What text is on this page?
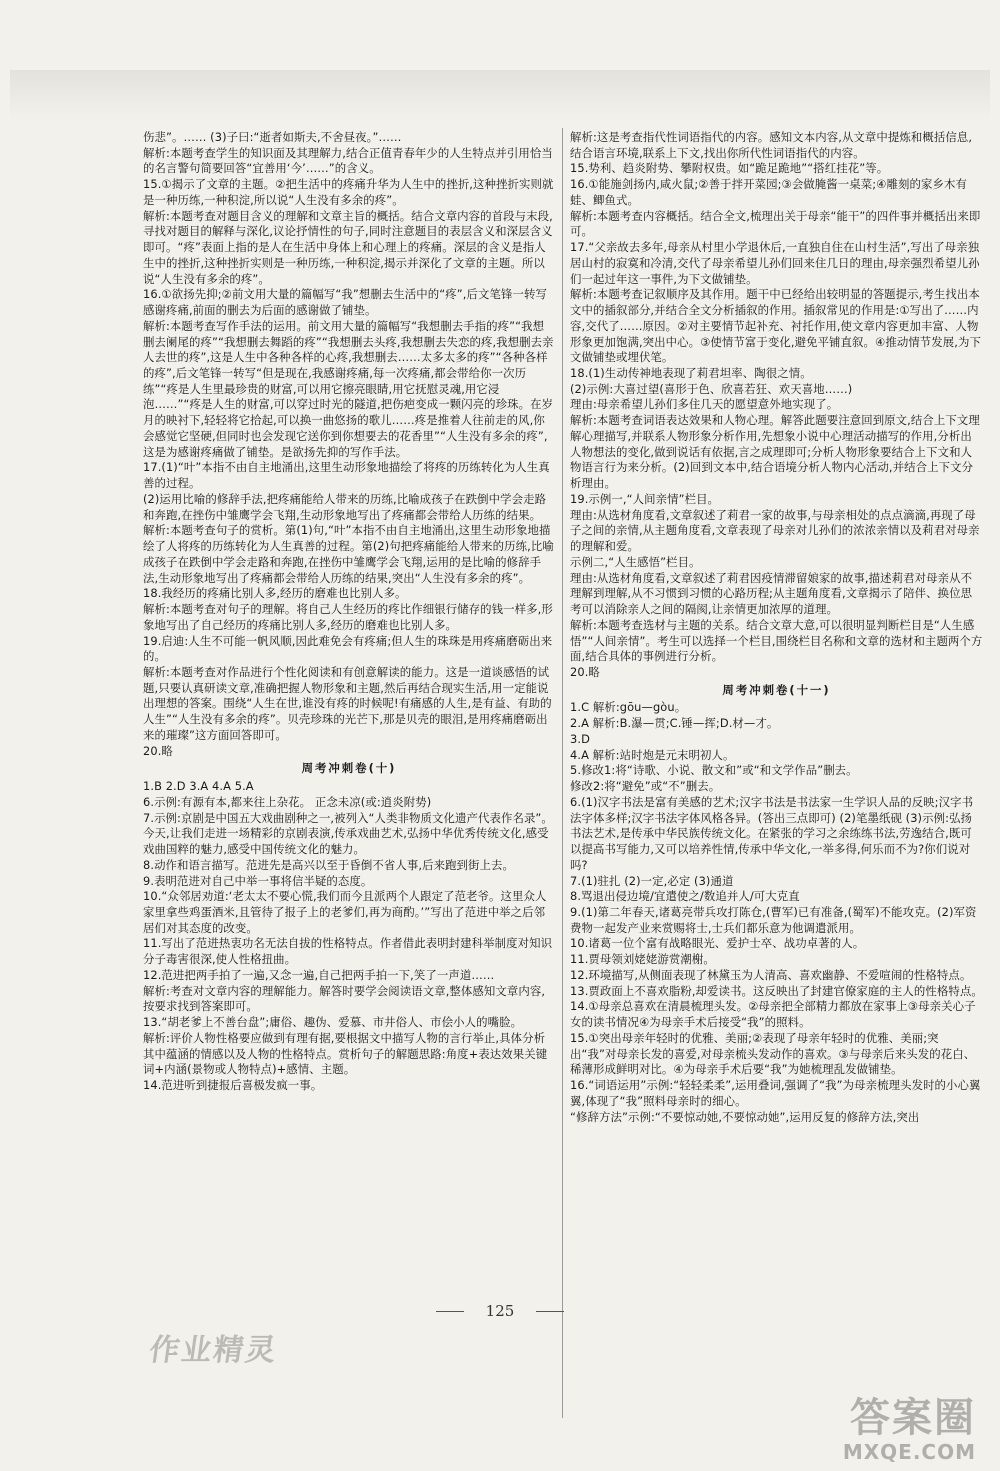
伤悲”。…… (3)子曰:“逝者如斯夫,不舍昼夜。”……
解析:本题考查学生的知识面及其理解力,结合正值青春年少的人生特点并引用恰当的名言警句简要回答“宜善用‘今’……”的含义。
15.①揭示了文章的主题。②把生活中的疼痛升华为人生中的挫折,这种挫折实则就是一种历练,一种积淀,所以说“人生没有多余的疼”。
解析:本题考查对题目含义的理解和文章主旨的概括。结合文章内容的首段与末段,寻找对题目的解释与深化,议论抒情性的句子,同时注意题目的表层含义和深层含义即可。“疼”表面上指的是人在生活中身体上和心理上的疼痛。深层的含义是指人生中的挫折,这种挫折实则是一种历练,一种积淀,揭示并深化了文章的主题。所以说“人生没有多余的疼”。
16.①欲扬先抑;②前文用大量的篇幅写“我”想删去生活中的“疼”,后文笔锋一转写感谢疼痛,前面的删去为后面的感谢做了铺垫。
解析:本题考查写作手法的运用。前文用大量的篇幅写“我想删去手指的疼”“我想删去阑尾的疼”“我想删去舞蹈的疼”“我想删去头疼,我想删去失恋的疼,我想删去亲人去世的疼”,这是人生中各种各样的心疼,我想删去……太多太多的疼”“各种各样的疼”,后文笔锋一转写“但是现在,我感谢疼痛,每一次疼痛,都会带给你一次历练”“疼是人生里最珍贵的财富,可以用它擦亮眼睛,用它抚慰灵魂,用它浸泡……”“疼是人生的财富,可以穿过时光的隧道,把伤疤变成一颗闪亮的珍珠。在岁月的映衬下,轻轻将它拾起,可以换一曲悠扬的歌儿……疼是推着人往前走的风,你会感觉它坚硬,但同时也会发现它送你到你想要去的花香里”“人生没有多余的疼”,这是为感谢疼痛做了铺垫。是欲扬先抑的写作手法。
17.(1)“叶”本指不由自主地涌出,这里生动形象地描绘了将疼的历练转化为人生真善的过程。
(2)运用比喻的修辞手法,把疼痛能给人带来的历练,比喻成孩子在跌倒中学会走路和奔跑,在挫伤中雏鹰学会飞翔,生动形象地写出了疼痛都会带给人历练的结果。
解析:本题考查句子的赏析。第(1)句,“叶”本指不由自主地涌出,这里生动形象地描绘了人将疼的历练转化为人生真善的过程。第(2)句把疼痛能给人带来的历练,比喻成孩子在跌倒中学会走路和奔跑,在挫伤中雏鹰学会飞翔,运用的是比喻的修辞手法,生动形象地写出了疼痛都会带给人历练的结果,突出“人生没有多余的疼”。
18.我经历的疼痛比别人多,经历的磨难也比别人多。
解析:本题考查对句子的理解。将自己人生经历的疼比作细银行储存的钱一样多,形象地写出了自己经历的疼痛比别人多,经历的磨难也比别人多。
19.启迪:人生不可能一帆风顺,因此难免会有疼痛;但人生的珠珠是用疼痛磨砺出来的。
解析:本题考查对作品进行个性化阅读和有创意解读的能力。这是一道谈感悟的试题,只要认真研读文章,准确把握人物形象和主题,然后再结合现实生活,用一定能说出理想的答案。围绕“人生在世,谁没有疼的时候呢!有痛感的人生,是有益、有助的人生”“人生没有多余的疼”。贝壳珍珠的光芒下,那是贝壳的眼泪,是用疼痛磨砺出来的璀璨”这方面回答即可。
20.略
周考冲刺卷(十)
1.B 2.D 3.A 4.A 5.A
6.示例:有源有本,都来往上杂花。 正念未凉(或:逍炎附势)
7.示例:京剧是中国五大戏曲剧种之一,被列入“人类非物质文化遗产代表作名录”。今天,让我们走进一场精彩的京剧表演,传承戏曲艺术,弘扬中华优秀传统文化,感受戏曲国粹的魅力,感受中国传统文化的魅力。
8.动作和语言描写。范进先是高兴以至于昏倒不省人事,后来跑到街上去。
9.表明范进对自己中举一事将信半疑的态度。
10.“众邻居劝道:‘老太太不要心慌,我们而今且派两个人跟定了范老爷。这里众人家里拿些鸡蛋酒米,且管待了报子上的老爹们,再为商酌。’”写出了范进中举之后邻居们对其态度的改变。
11.写出了范进热衷功名无法自拔的性格特点。作者借此表明封建科举制度对知识分子毒害很深,使人性格扭曲。
12.范进把两手拍了一遍,又念一遍,自己把两手拍一下,笑了一声道……
解析:考查对文章内容的理解能力。解答时要学会阅读语文章,整体感知文章内容,按要求找到答案即可。
13.“胡老爹上不善台盘”;庸俗、趣伪、爱慕、市井俗人、市侩小人的嘴脸。
解析:评价人物性格要应做到有理有据,要根据文中描写人物的言行举止,具体分析其中蕴涵的情感以及人物的性格特点。赏析句子的解题思路:角度+表达效果关键词+内涵(景物或人物特点)+感情、主题。
14.范进听到捷报后喜极发疯一事。
解析:这是考查指代性词语指代的内容。感知文本内容,从文章中提炼和概括信息,结合语言环境,联系上下文,找出你所代性词语指代的内容。
15.势利、趋炎附势、攀附权贵。如“跪足跪地”“搭红挂花”等。
16.①能施剑扬内,咸火鼠;②善于拌开菜园;③会做腌酱一桌菜;④雕刻的家乡木有蛙、鲫鱼式。
解析:本题考查内容概括。结合全文,梳理出关于母亲“能干”的四件事并概括出来即可。
17.“父亲故去多年,母亲从村里小学退休后,一直独自住在山村生活”,写出了母亲独居山村的寂寞和冷清,交代了母亲希望儿孙们回来住几日的理由,母亲强烈希望儿孙们一起过年这一事件,为下文做铺垫。
解析:本题考查记叙顺序及其作用。题干中已经给出较明显的答题提示,考生找出本文中的插叙部分,并结合全文分析插叙的作用。插叙常见的作用是:①写出了……内容,交代了……原因。②对主要情节起补充、衬托作用,使文章内容更加丰富、人物形象更加饱满,突出中心。③使情节富于变化,避免平铺直叙。④推动情节发展,为下文做铺垫或埋伏笔。
18.(1)生动传神地表现了莉君坦率、陶很之情。
(2)示例:大喜过望(喜形于色、欣喜若狂、欢天喜地……)
理由:母亲希望儿孙们多住几天的愿望意外地实现了。
解析:本题考查词语表达效果和人物心理。解答此题要注意回到原文,结合上下文理解心理描写,并联系人物形象分析作用,先想象小说中心理活动描写的作用,分析出人物想法的变化,做到说话有依据,言之成理即可;分析人物形象要结合上下文和人物语言行为来分析。(2)回到文本中,结合语境分析人物内心活动,并结合上下文分析理由。
19.示例一,“人间亲情”栏目。
理由:从选材角度看,文章叙述了莉君一家的故事,与母亲相处的点点滴滴,再现了母子之间的亲情,从主题角度看,文章表现了母亲对儿孙们的浓浓亲情以及莉君对母亲的理解和爱。
示例二,“人生感悟”栏目。
理由:从选材角度看,文章叙述了莉君因疫情滞留娘家的故事,描述莉君对母亲从不理解到理解,从不习惯到习惯的心路历程;从主题角度看,文章揭示了陪伴、换位思考可以消除亲人之间的隔阂,让亲情更加浓厚的道理。
解析:本题考查选材与主题的关系。结合文章大意,可以很明显判断栏目是“人生感悟”“人间亲情”。考生可以选择一个栏目,围绕栏目名称和文章的选材和主题两个方面,结合具体的事例进行分析。
20.略
周考冲刺卷(十一)
1.C 解析:gōu—gòu。
2.A 解析:B.瀑—贯;C.锤—挥;D.材—才。
3.D
4.A 解析:站时炮是元末明初人。
5.修改1:将“诗歌、小说、散文和”或“和文学作品”删去。
修改2:将“避免”或“不”删去。
6.(1)汉字书法是富有美感的艺术;汉字书法是书法家一生学识人品的反映;汉字书法字体多样;汉字书法字体风格各异。(答出三点即可) (2)笔墨纸砚 (3)示例:弘扬书法艺术,是传承中华民族传统文化。在紧张的学习之余练练书法,劳逸结合,既可以提高书写能力,又可以培养性情,传承中华文化,一举多得,何乐而不为?你们说对吗?
7.(1)驻扎 (2)一定,必定 (3)通道
8.骂退出侵边境/宜遣使之/数追并人/可大克直
9.(1)第二年春天,诸葛亮带兵攻打陈仓,(曹军)已有准备,(蜀军)不能攻克。(2)军资费物一起发产业来赏赐将士,士兵们都乐意为他调遣派用。
10.诸葛一位个富有战略眼光、爱护士卒、战功卓著的人。
11.贾母领刘姥姥游赏潮榭。
12.环境描写,从侧面表现了林黛玉为人清高、喜欢幽静、不爱喧闹的性格特点。
13.贾政面上不喜欢脂粉,却爱读书。这反映出了封建官僚家庭的主人的性格特点。
14.①母亲总喜欢在清晨梳理头发。②母亲把全部精力都放在家事上③母亲关心子女的读书情况④为母亲手术后接受“我”的照料。
15.①突出母亲年轻时的优雅、美丽;②表现了母亲年轻时的优雅、美丽;突出“我”对母亲长发的喜爱,对母亲梳头发动作的喜欢。③与母亲后来头发的花白、稀薄形成鲜明对比。④为母亲手术后要“我”为她梳理乱发做铺垫。
16.“词语运用”示例:“轻轻柔柔”,运用叠词,强调了“我”为母亲梳理头发时的小心翼翼,体现了“我”照料母亲时的细心。
“修辞方法”示例:“不要惊动她,不要惊动她”,运用反复的修辞方法,突出
125
作业精灵
答案圈
MXQE.COM
